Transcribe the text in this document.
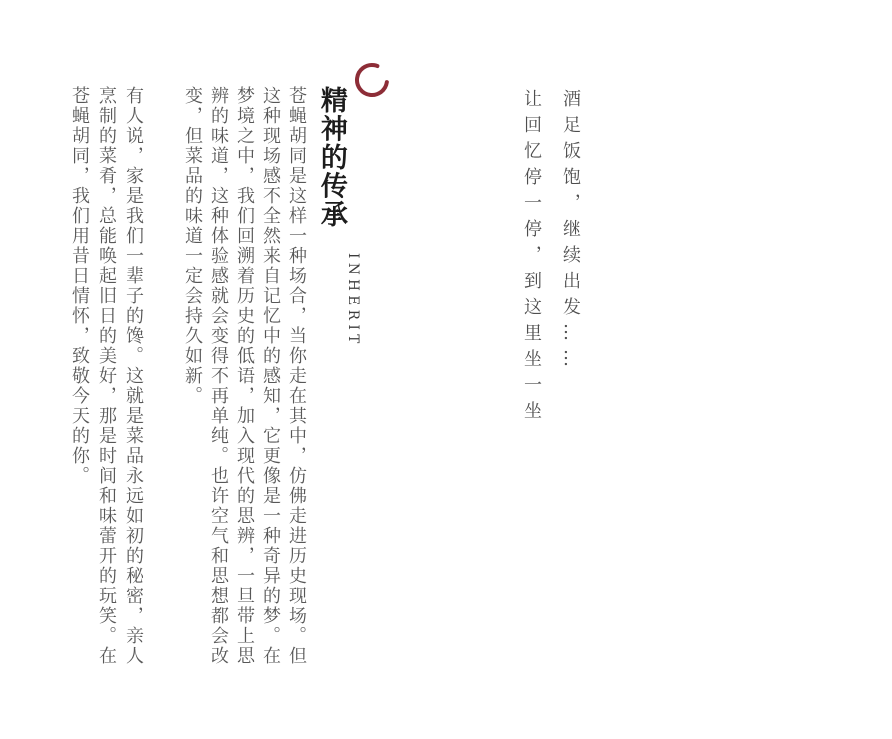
酒足饭饱，继续出发……

让回忆停一停，到这里坐一坐

精神的传承
INHERIT
苍蝇胡同是这样一种场合，当你走在其中，仿佛走进历史现场。但这种现场感不全然来自记忆中的感知，它更像是一种奇异的梦。在梦境之中，我们回溯着历史的低语，加入现代的思辨，一旦带上思辨的味道，这种体验感就会变得不再单纯。也许空气和思想都会改变，但菜品的味道一定会持久如新。
有人说，家是我们一辈子的馋。这就是菜品永远如初的秘密，亲人烹制的菜肴，总能唤起旧日的美好，那是时间和味蕾开的玩笑。在苍蝇胡同，我们用昔日情怀，致敬今天的你。
